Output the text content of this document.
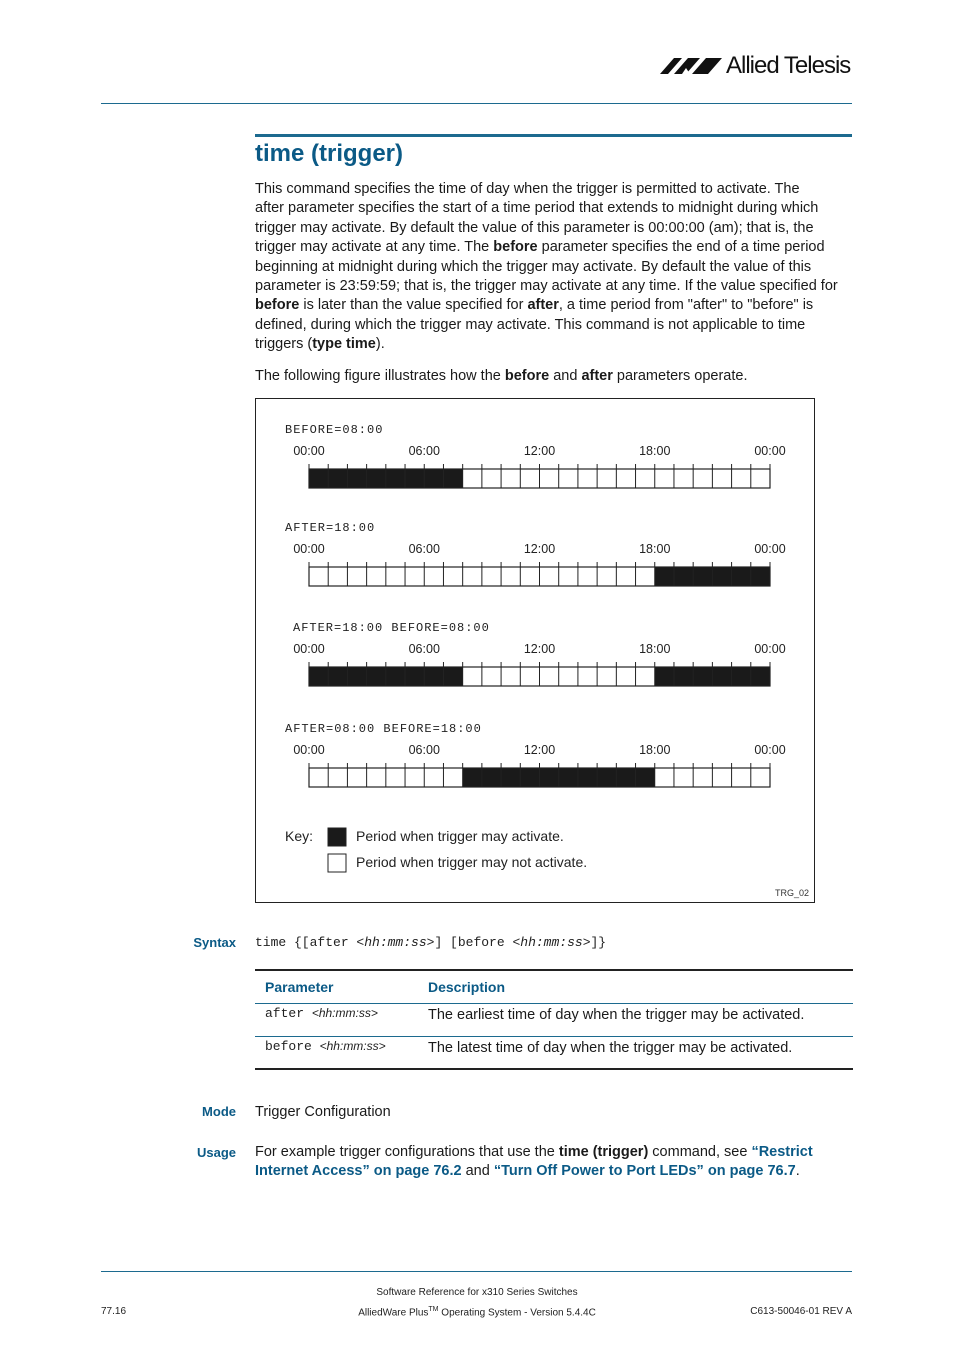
Allied Telesis
time (trigger)
This command specifies the time of day when the trigger is permitted to activate. The
after parameter specifies the start of a time period that extends to midnight during which
trigger may activate. By default the value of this parameter is 00:00:00 (am); that is, the
trigger may activate at any time. The before parameter specifies the end of a time period
beginning at midnight during which the trigger may activate. By default the value of this
parameter is 23:59:59; that is, the trigger may activate at any time. If the value specified for
before is later than the value specified for after, a time period from "after" to "before" is
defined, during which the trigger may activate. This command is not applicable to time
triggers (type time).
The following figure illustrates how the before and after parameters operate.
BEFORE=08:00
00:00	06:00	12:00	18:00	00:00
AFTER=18:00
00:00	06:00	12:00	18:00	00:00
AFTER=18:00 BEFORE=08:00
00:00	06:00	12:00	18:00	00:00
AFTER=08:00 BEFORE=18:00
00:00	06:00	12:00	18:00	00:00
Key:	Period when trigger may activate.
Period when trigger may not activate.
TRG_02
Syntax time {[after <hh:mm:ss>] [before <hh:mm:ss>]}
Parameter	Description
after <hh:mm:ss>	The earliest time of day when the trigger may be activated.
before <hh:mm:ss>	The latest time of day when the trigger may be activated.
Mode Trigger Configuration
Usage For example trigger configurations that use the time (trigger) command, see “Restrict
Internet Access” on page 76.2 and “Turn Off Power to Port LEDs” on page 76.7.
Software Reference for x310 Series Switches
77.16	AlliedWare Plus™ Operating System - Version 5.4.4C	C613-50046-01 REV A
